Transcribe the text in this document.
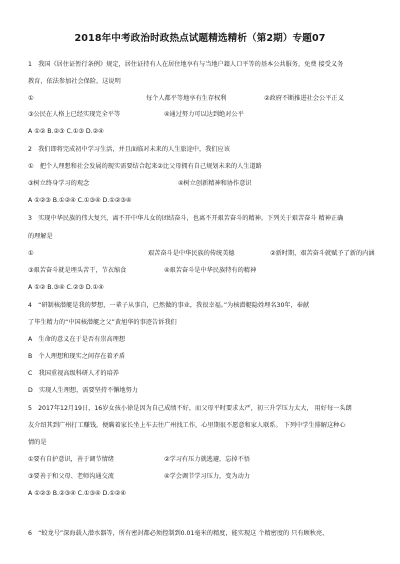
2018年中考政治时政热点试题精选精析（第2期）专题07
1　我国《居住证暂行条例》规定，居住证持有人在居住地享有与当地户籍人口平等的基本公共服务，免费 接受义务
教育，依法参加社会保险，这说明
①	每个人都平等地享有生存权利	②政府不断推进社会公平正义
③公民在人格上已经实现完全平等	④通过努力可以达到绝对公平
A ①② B.②③ C.①③ D.②④
2　我们即将完成初中学习生活，并且面临对未来的人生旅途中，我们应该
①　把个人理想和社会发展的现实需要结合起来②比父母拥有自己规划未来的人生道路
③树立终身学习的观念	④树立创新精神和协作意识
A ①②③ B.①②④ C.①③④ D.①②③④
3　实现中华民族的伟大复兴，离不开中华儿女的团结奋斗，也离不开艰苦奋斗的精神。下列关于艰苦奋斗 精神正确
的理解是
①	艰苦奋斗是中华民族的传统美德	②新时期，艰苦奋斗就赋予了新的内涵
③艰苦奋斗就是埋头苦干，节衣缩食	④艰苦奋斗是中华民族特有的精神
A ①② B.③④ C.②③ D.①④
4　“研制核潜艇是我的梦想，一辈子从事自，已然做的事业，我很幸福。”为核潜艇隐姓埋名30年，奉献
了毕生精力的“中国核潜艇之父”黄旭华的事迹告诉我们
A　生命的意义在于是否有崇高理想
B　个人理想和现实之间存在着矛盾
C　我国重视高级科研人才的培养
D　实现人生理想，需要坚持不懈地努力
5　2017年12月19日，16岁女孩小徐是因为自己成绩不好，而父母平时要求太严，初三升学压力太大， 用好每一头朗
友介绍其到广州打工赚钱，便瞒着家长坐上车去往广州找工作，心里期很不愿意和家人联系。 下列中学生排解这种心
情的是
①要有自护意识，善于调节情绪	②学习有压力就逃避，忘掉不悟
③要善于和父母、老师沟通交流	④学会调节学习压力，变为动力
A ①②③ B.②③④ C.①③④ D.①②④
6　“蛟龙号”深海载人潜水器等，所有密封都必须控制到0.01毫米的精度，能实现这 个精密度的 只有顾秋亮，
